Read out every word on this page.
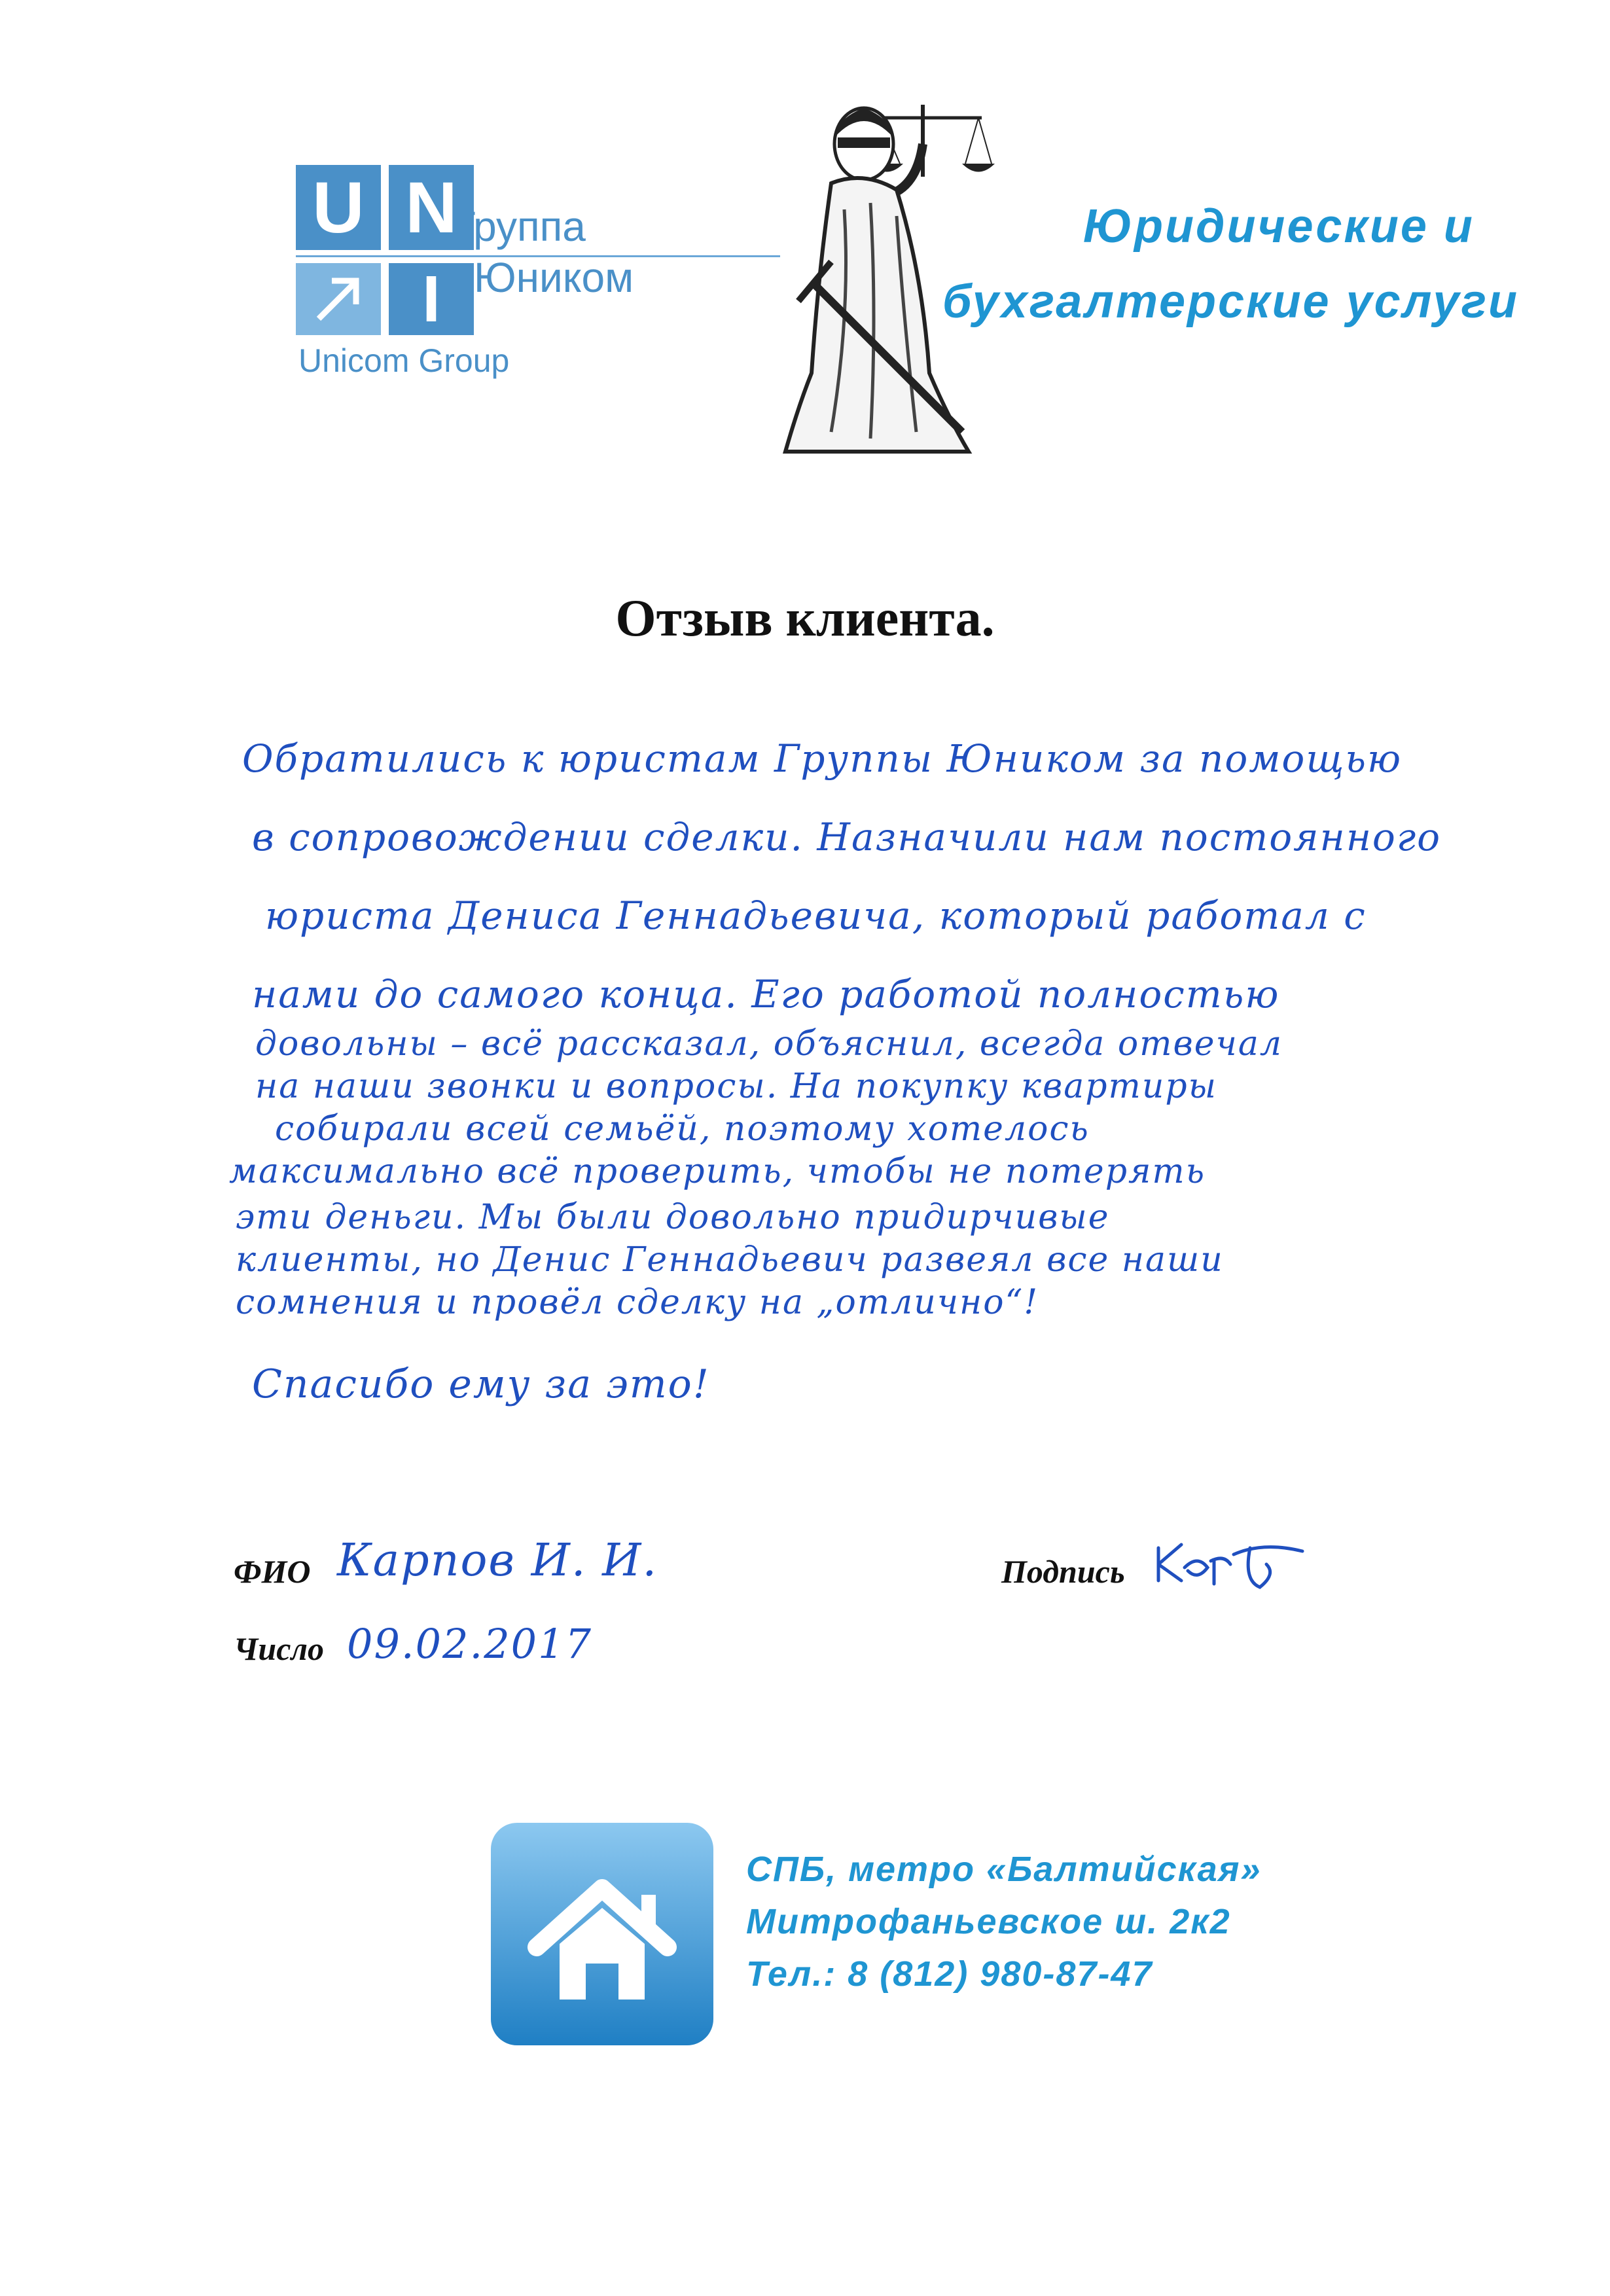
U N
I
Группа
Юником
Unicom Group
Юридические и
бухгалтерские услуги
Отзыв клиента.
Обратились к юристам Группы Юником за помощью
в сопровождении сделки. Назначили нам постоянного
юриста Дениса Геннадьевича, который работал с
нами до самого конца. Его работой полностью
довольны – всё рассказал, объяснил, всегда отвечал
на наши звонки и вопросы. На покупку квартиры
собирали всей семьёй, поэтому хотелось
максимально всё проверить, чтобы не потерять
эти деньги. Мы были довольно придирчивые
клиенты, но Денис Геннадьевич развеял все наши
сомнения и провёл сделку на „отлично“!
Спасибо ему за это!
ФИО Карпов И. И.	Подпись
Число 09.02.2017
СПБ, метро «Балтийская»
Митрофаньевское ш. 2к2
Тел.: 8 (812) 980-87-47
